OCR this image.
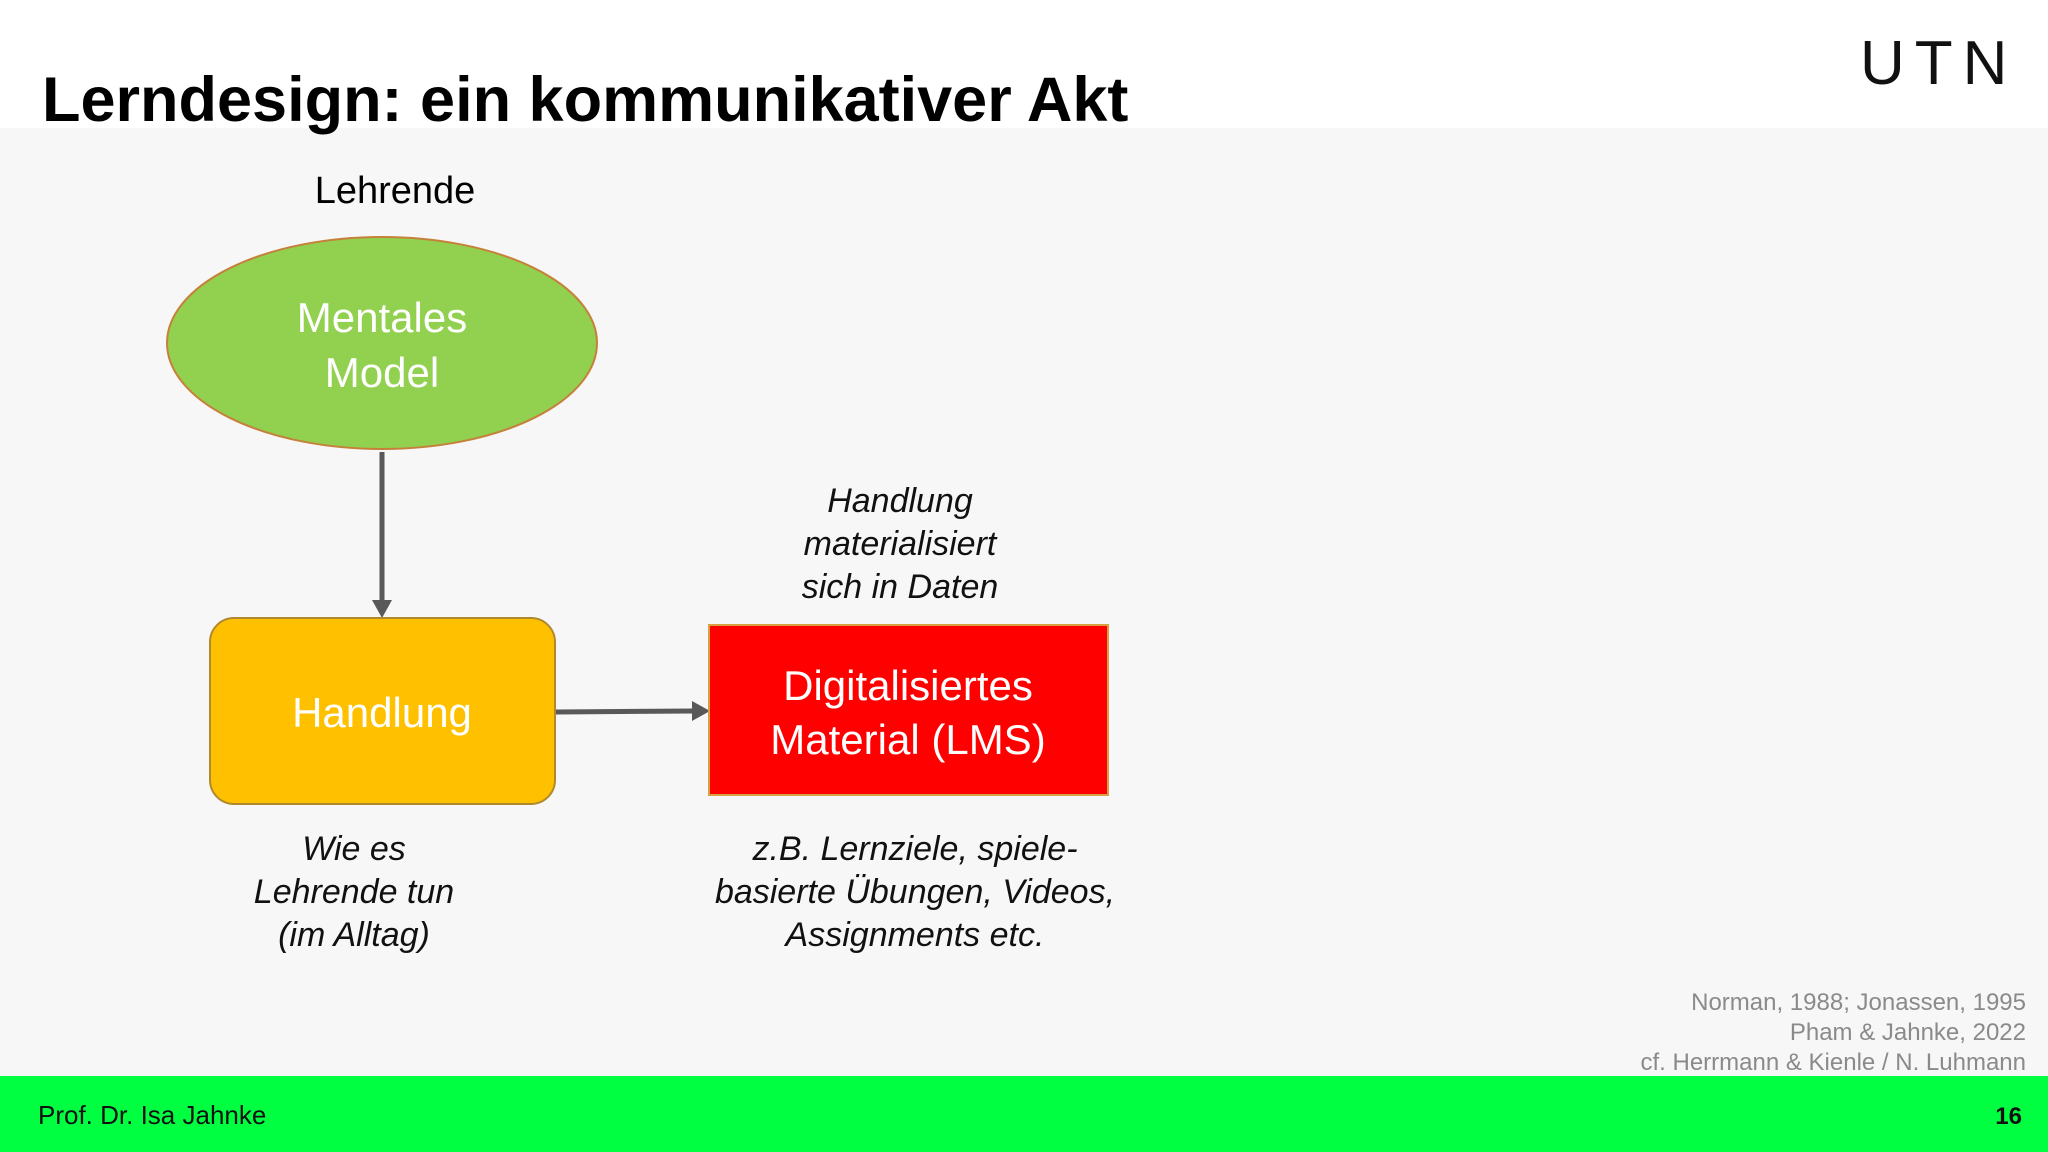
Lerndesign: ein kommunikativer Akt
UTN
Lehrende
Mentales
Model
Handlung
Digitalisiertes
Material (LMS)
Handlung
materialisiert
sich in Daten
Wie es
Lehrende tun
(im Alltag)
z.B. Lernziele, spiele-
basierte Übungen, Videos,
Assignments etc.
Norman, 1988; Jonassen, 1995
Pham & Jahnke, 2022
cf. Herrmann & Kienle / N. Luhmann
Prof. Dr. Isa Jahnke	16
